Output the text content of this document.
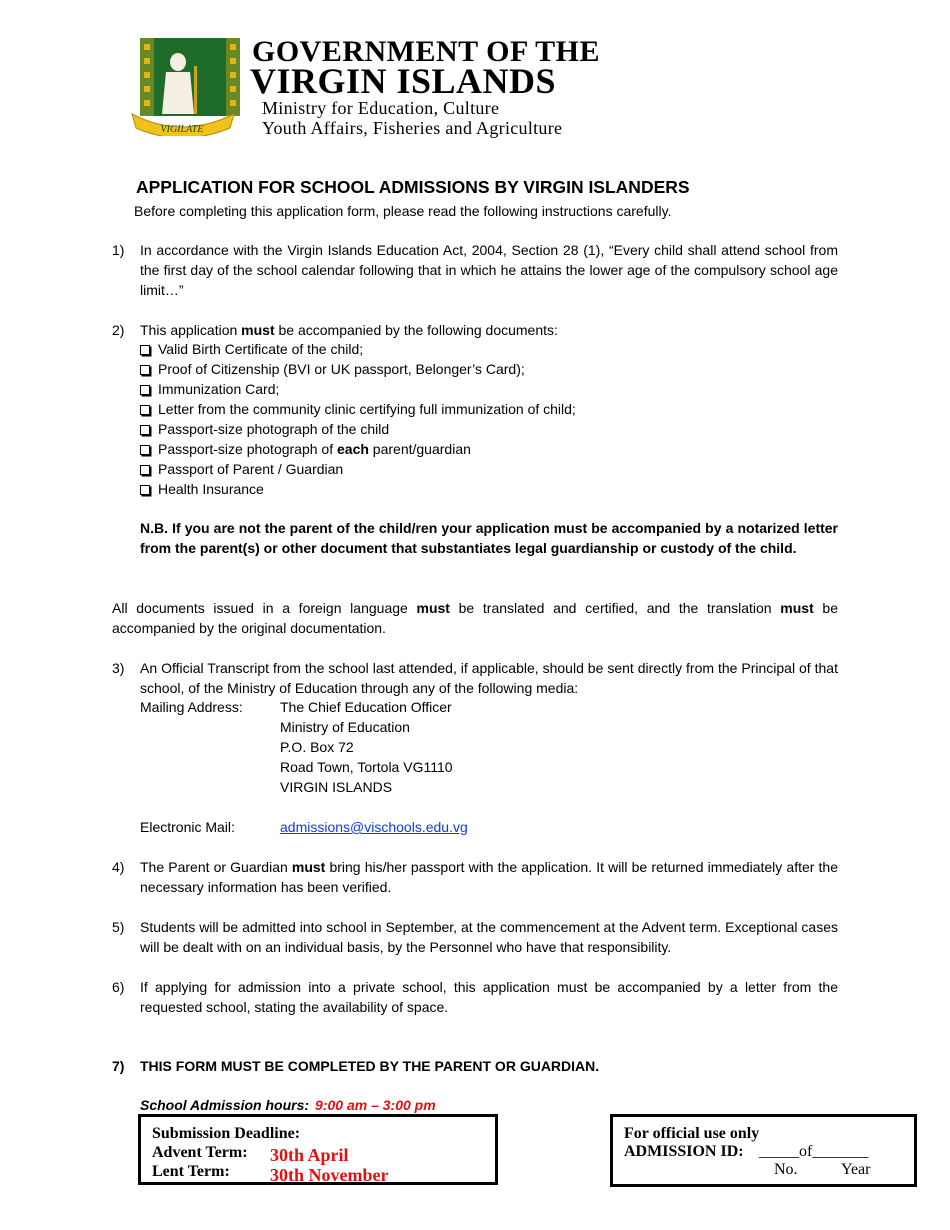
VIGILATE
GOVERNMENT OF THE
VIRGIN ISLANDS
Ministry for Education, Culture
Youth Affairs, Fisheries and Agriculture
APPLICATION FOR SCHOOL ADMISSIONS BY VIRGIN ISLANDERS
Before completing this application form, please read the following instructions carefully.
1)	In accordance with the Virgin Islands Education Act, 2004, Section 28 (1), “Every child shall attend school from the first day of the school calendar following that in which he attains the lower age of the compulsory school age limit…”
2)	This application must be accompanied by the following documents:
Valid Birth Certificate of the child;
Proof of Citizenship (BVI or UK passport, Belonger’s Card);
Immunization Card;
Letter from the community clinic certifying full immunization of child;
Passport-size photograph of the child
Passport-size photograph of each parent/guardian
Passport of Parent / Guardian
Health Insurance
N.B. If you are not the parent of the child/ren your application must be accompanied by a notarized letter from the parent(s) or other document that substantiates legal guardianship or custody of the child.
All documents issued in a foreign language must be translated and certified, and the translation must be accompanied by the original documentation.
3)	An Official Transcript from the school last attended, if applicable, should be sent directly from the Principal of that school, of the Ministry of Education through any of the following media:
Mailing Address:	The Chief Education Officer
Ministry of Education
P.O. Box 72
Road Town, Tortola VG1110
VIRGIN ISLANDS
Electronic Mail:	admissions@vischools.edu.vg
4)	The Parent or Guardian must bring his/her passport with the application. It will be returned immediately after the necessary information has been verified.
5)	Students will be admitted into school in September, at the commencement at the Advent term. Exceptional cases will be dealt with on an individual basis, by the Personnel who have that responsibility.
6)	If applying for admission into a private school, this application must be accompanied by a letter from the requested school, stating the availability of space.
7)	THIS FORM MUST BE COMPLETED BY THE PARENT OR GUARDIAN.
School Admission hours: 9:00 am – 3:00 pm
Submission Deadline:
Advent Term: 30th April
Lent Term: 30th November
For official use only
ADMISSION ID: _____of_______
No.	Year
